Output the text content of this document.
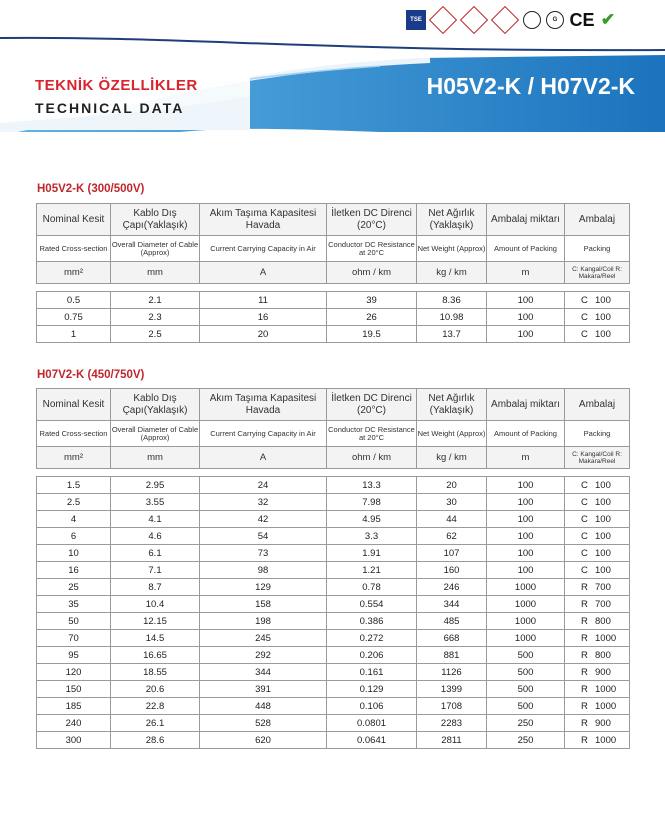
TSE	G CE ✔
TEKNİK ÖZELLİKLER
TECHNICAL DATA
H05V2-K / H07V2-K
H05V2-K (300/500V)
Nominal Kesit	Kablo Dış Çapı(Yaklaşık)	Akım Taşıma Kapasitesi Havada	İletken DC Direnci (20°C)	Net Ağırlık (Yaklaşık)	Ambalaj miktarı	Ambalaj
Rated Cross-section	Overall Diameter of Cable (Approx)	Current Carrying Capacity in Air	Conductor DC Resistance at 20°C	Net Weight (Approx)	Amount of Packing	Packing
mm²	mm	A	ohm / km	kg / km	m	C: Kangal/Coil R: Makara/Reel

0.5	2.1	11	39	8.36	100	C 100
0.75	2.3	16	26	10.98	100	C 100
1	2.5	20	19.5	13.7	100	C 100
H07V2-K (450/750V)
Nominal Kesit	Kablo Dış Çapı(Yaklaşık)	Akım Taşıma Kapasitesi Havada	İletken DC Direnci (20°C)	Net Ağırlık (Yaklaşık)	Ambalaj miktarı	Ambalaj
Rated Cross-section	Overall Diameter of Cable (Approx)	Current Carrying Capacity in Air	Conductor DC Resistance at 20°C	Net Weight (Approx)	Amount of Packing	Packing
mm²	mm	A	ohm / km	kg / km	m	C: Kangal/Coil R: Makara/Reel

1.5	2.95	24	13.3	20	100	C 100
2.5	3.55	32	7.98	30	100	C 100
4	4.1	42	4.95	44	100	C 100
6	4.6	54	3.3	62	100	C 100
10	6.1	73	1.91	107	100	C 100
16	7.1	98	1.21	160	100	C 100
25	8.7	129	0.78	246	1000	R 700
35	10.4	158	0.554	344	1000	R 700
50	12.15	198	0.386	485	1000	R 800
70	14.5	245	0.272	668	1000	R 1000
95	16.65	292	0.206	881	500	R 800
120	18.55	344	0.161	1126	500	R 900
150	20.6	391	0.129	1399	500	R 1000
185	22.8	448	0.106	1708	500	R 1000
240	26.1	528	0.0801	2283	250	R 900
300	28.6	620	0.0641	2811	250	R 1000
